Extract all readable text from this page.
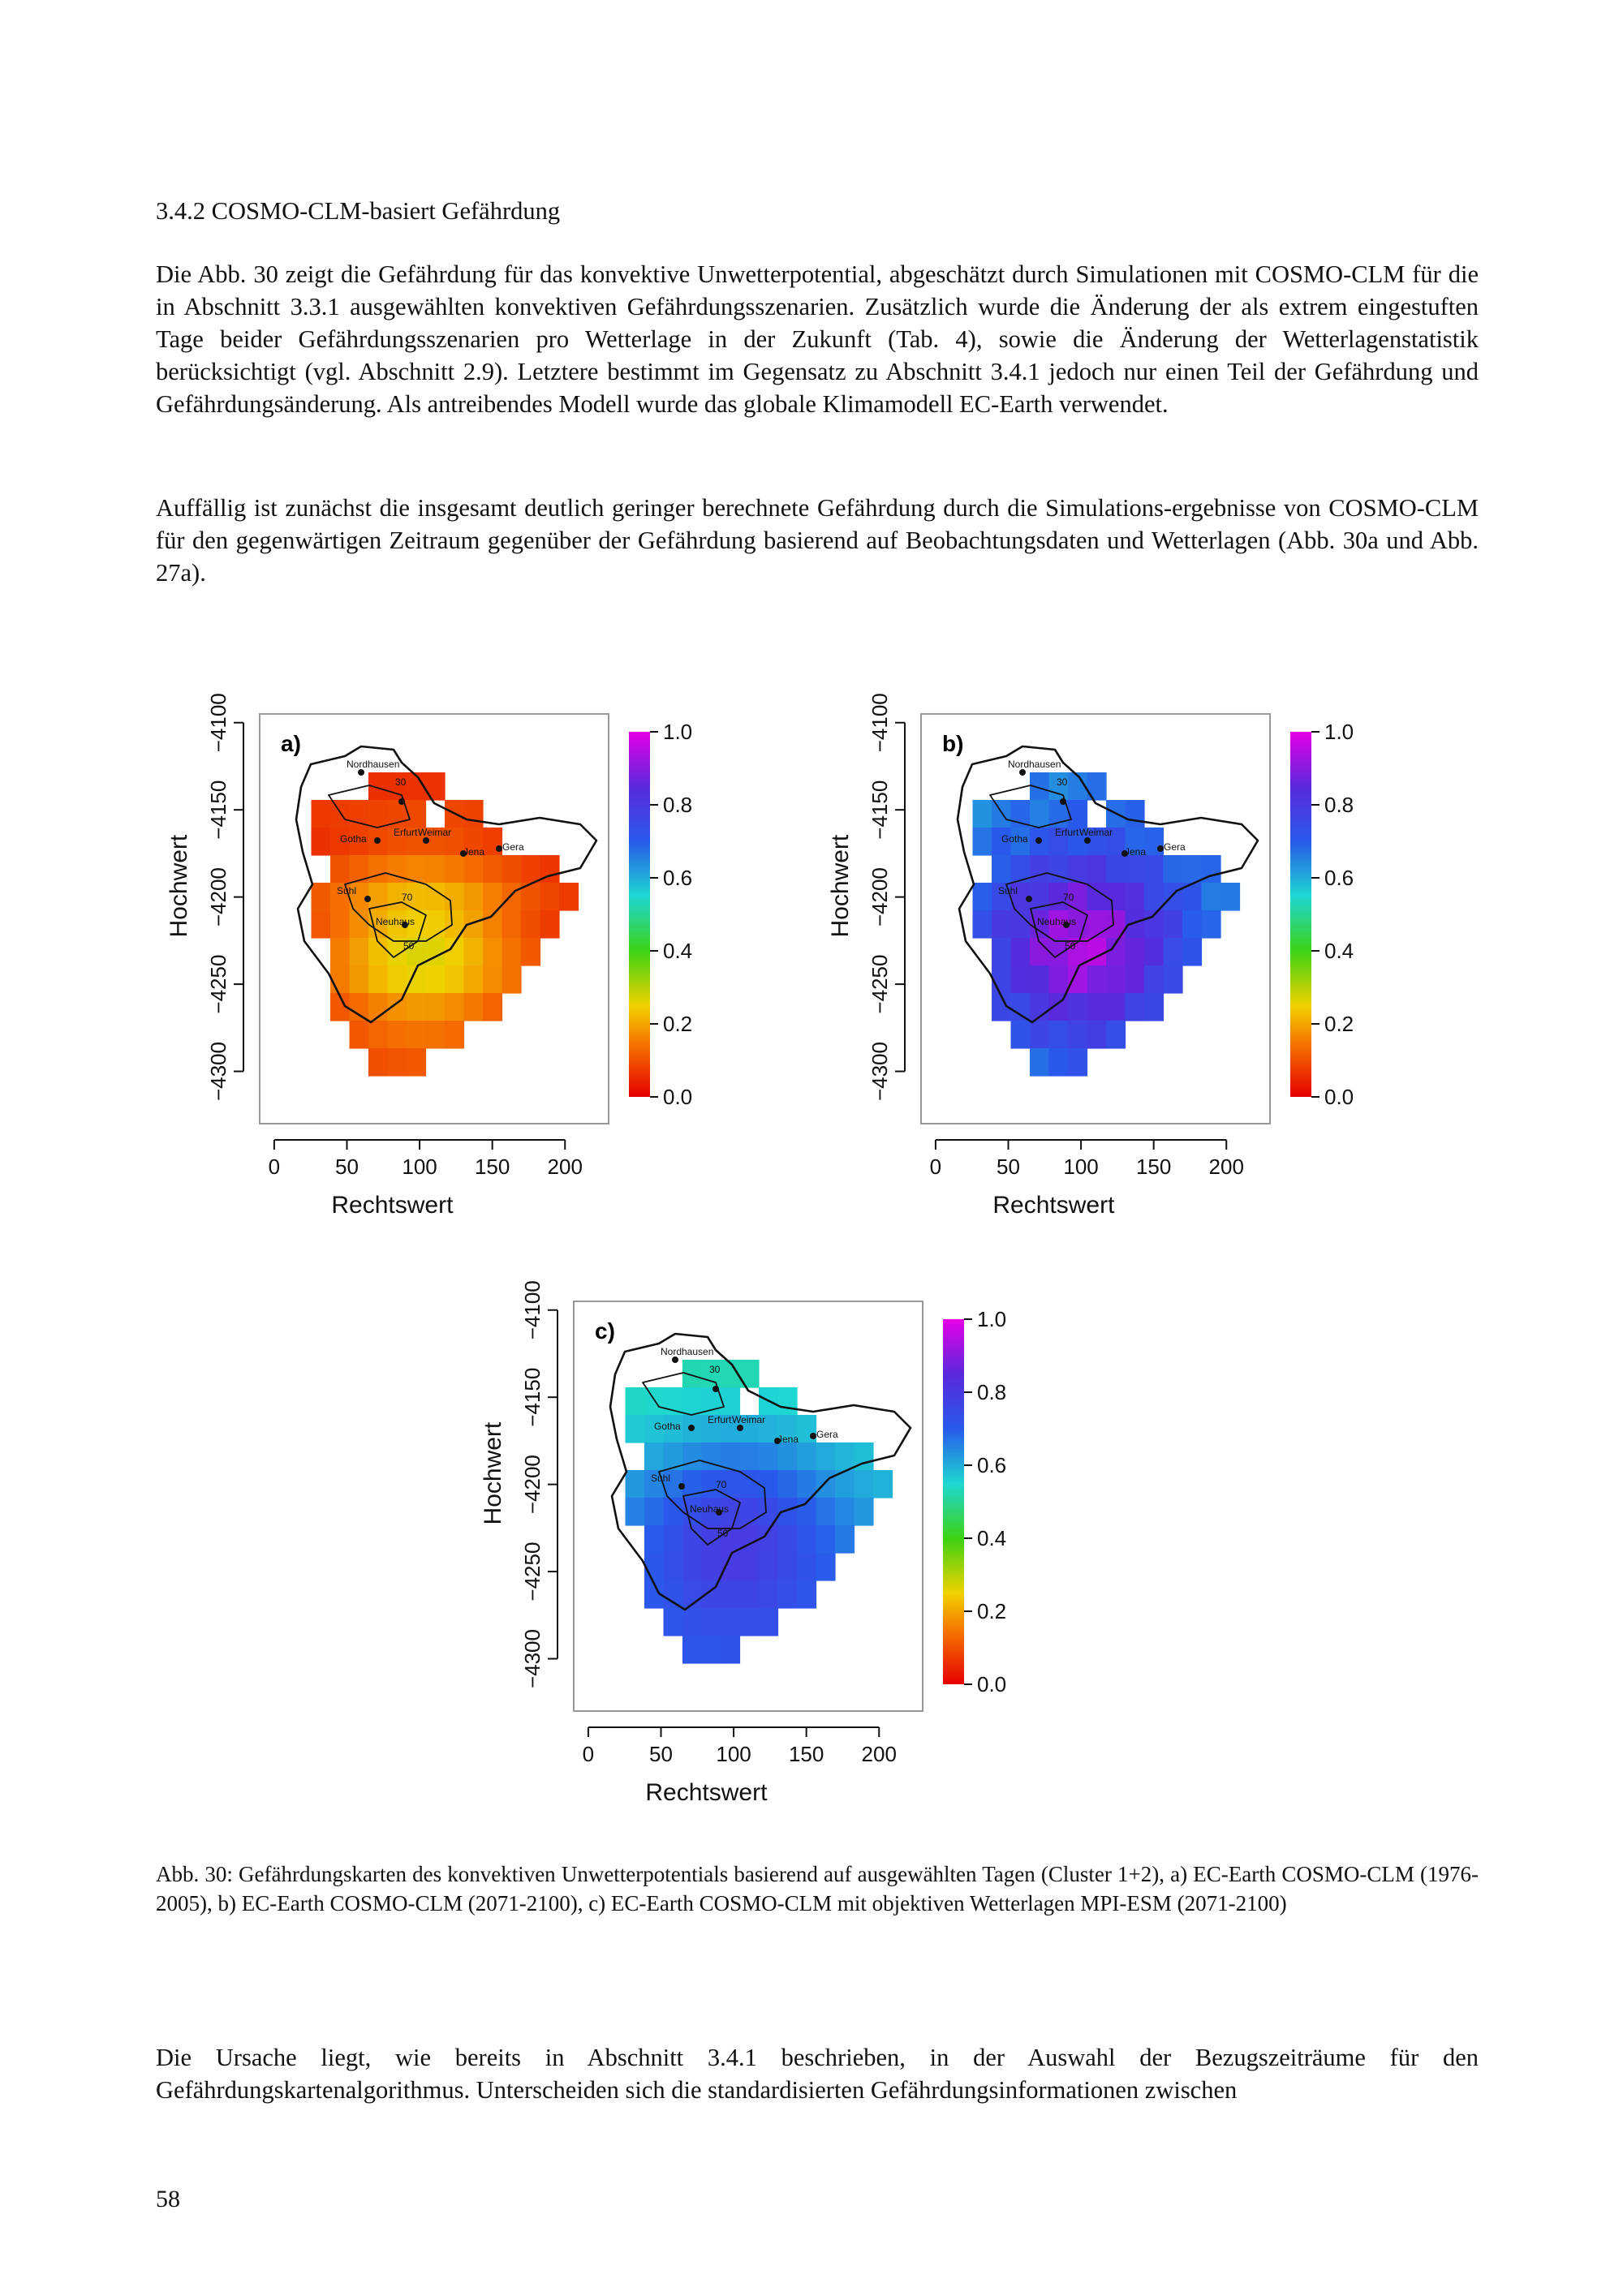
3.4.2 COSMO-CLM-basiert Gefährdung
Die Abb. 30 zeigt die Gefährdung für das konvektive Unwetterpotential, abgeschätzt durch Simulationen mit COSMO-CLM für die in Abschnitt 3.3.1 ausgewählten konvektiven Gefährdungsszenarien. Zusätzlich wurde die Änderung der als extrem eingestuften Tage beider Gefährdungsszenarien pro Wetterlage in der Zukunft (Tab. 4), sowie die Änderung der Wetterlagenstatistik berücksichtigt (vgl. Abschnitt 2.9). Letztere bestimmt im Gegensatz zu Abschnitt 3.4.1 jedoch nur einen Teil der Gefährdung und Gefährdungsänderung. Als antreibendes Modell wurde das globale Klimamodell EC-Earth verwendet.
Auffällig ist zunächst die insgesamt deutlich geringer berechnete Gefährdung durch die Simulations-ergebnisse von COSMO-CLM für den gegenwärtigen Zeitraum gegenüber der Gefährdung basierend auf Beobachtungsdaten und Wetterlagen (Abb. 30a und Abb. 27a).
Nordhausen
30
Erfurt Weimar
Gotha
Jena Gera
Suhl
Neuhaus
70
50
a)
0	50 100 150 200
Rechtswert
−4100
−4150
−4200
−4250
−4300
Hochwert
1.0
0.8
0.6
0.4
0.2
0.0
Nordhausen
30
Erfurt Weimar
Gotha
Jena Gera
Suhl
Neuhaus
70
50
b)
0	50 100 150 200
Rechtswert
−4100
−4150
−4200
−4250
−4300
Hochwert
1.0
0.8
0.6
0.4
0.2
0.0
Nordhausen
30
Erfurt Weimar
Gotha
Jena Gera
Suhl
Neuhaus
70
50
c)
0	50 100 150 200
Rechtswert
−4100
−4150
−4200
−4250
−4300
Hochwert
1.0
0.8
0.6
0.4
0.2
0.0
Abb. 30: Gefährdungskarten des konvektiven Unwetterpotentials basierend auf ausgewählten Tagen (Cluster 1+2), a) EC-Earth COSMO-CLM (1976-2005), b) EC-Earth COSMO-CLM (2071-2100), c) EC-Earth COSMO-CLM mit objektiven Wetterlagen MPI-ESM (2071-2100)
Die Ursache liegt, wie bereits in Abschnitt 3.4.1 beschrieben, in der Auswahl der Bezugszeiträume für den Gefährdungskartenalgorithmus. Unterscheiden sich die standardisierten Gefährdungsinformationen zwischen
58
